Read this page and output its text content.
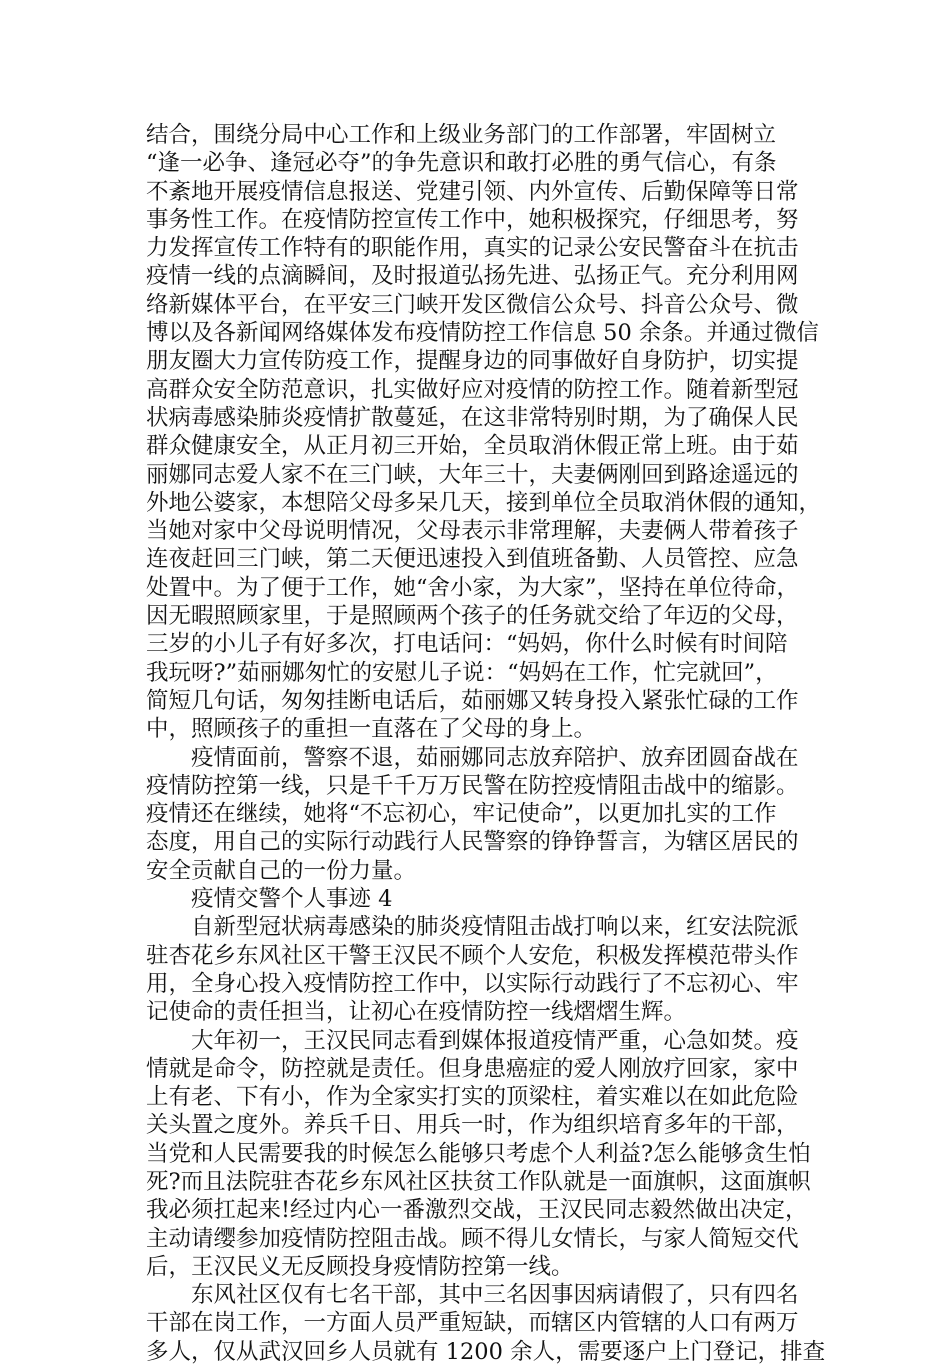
结合，围绕分局中心工作和上级业务部门的工作部署，牢固树立
“逢一必争、逢冠必夺”的争先意识和敢打必胜的勇气信心，有条
不紊地开展疫情信息报送、党建引领、内外宣传、后勤保障等日常
事务性工作。在疫情防控宣传工作中，她积极探究，仔细思考，努
力发挥宣传工作特有的职能作用，真实的记录公安民警奋斗在抗击
疫情一线的点滴瞬间，及时报道弘扬先进、弘扬正气。充分利用网
络新媒体平台，在平安三门峡开发区微信公众号、抖音公众号、微
博以及各新闻网络媒体发布疫情防控工作信息 50 余条。并通过微信
朋友圈大力宣传防疫工作，提醒身边的同事做好自身防护，切实提
高群众安全防范意识，扎实做好应对疫情的防控工作。随着新型冠
状病毒感染肺炎疫情扩散蔓延，在这非常特别时期，为了确保人民
群众健康安全，从正月初三开始，全员取消休假正常上班。由于茹
丽娜同志爱人家不在三门峡，大年三十，夫妻俩刚回到路途遥远的
外地公婆家，本想陪父母多呆几天，接到单位全员取消休假的通知，
当她对家中父母说明情况，父母表示非常理解，夫妻俩人带着孩子
连夜赶回三门峡，第二天便迅速投入到值班备勤、人员管控、应急
处置中。为了便于工作，她“舍小家，为大家”，坚持在单位待命，
因无暇照顾家里，于是照顾两个孩子的任务就交给了年迈的父母，
三岁的小儿子有好多次，打电话问：“妈妈，你什么时候有时间陪
我玩呀?”茹丽娜匆忙的安慰儿子说：“妈妈在工作，忙完就回”，
简短几句话，匆匆挂断电话后，茹丽娜又转身投入紧张忙碌的工作
中，照顾孩子的重担一直落在了父母的身上。
疫情面前，警察不退，茹丽娜同志放弃陪护、放弃团圆奋战在
疫情防控第一线，只是千千万万民警在防控疫情阻击战中的缩影。
疫情还在继续，她将“不忘初心，牢记使命”，以更加扎实的工作
态度，用自己的实际行动践行人民警察的铮铮誓言，为辖区居民的
安全贡献自己的一份力量。
疫情交警个人事迹 4
自新型冠状病毒感染的肺炎疫情阻击战打响以来，红安法院派
驻杏花乡东风社区干警王汉民不顾个人安危，积极发挥模范带头作
用，全身心投入疫情防控工作中，以实际行动践行了不忘初心、牢
记使命的责任担当，让初心在疫情防控一线熠熠生辉。
大年初一，王汉民同志看到媒体报道疫情严重，心急如焚。疫
情就是命令，防控就是责任。但身患癌症的爱人刚放疗回家，家中
上有老、下有小，作为全家实打实的顶梁柱，着实难以在如此危险
关头置之度外。养兵千日、用兵一时，作为组织培育多年的干部，
当党和人民需要我的时候怎么能够只考虑个人利益?怎么能够贪生怕
死?而且法院驻杏花乡东风社区扶贫工作队就是一面旗帜，这面旗帜
我必须扛起来!经过内心一番激烈交战，王汉民同志毅然做出决定，
主动请缨参加疫情防控阻击战。顾不得儿女情长，与家人简短交代
后，王汉民义无反顾投身疫情防控第一线。
东风社区仅有七名干部，其中三名因事因病请假了，只有四名
干部在岗工作，一方面人员严重短缺，而辖区内管辖的人口有两万
多人，仅从武汉回乡人员就有 1200 余人，需要逐户上门登记，排查
